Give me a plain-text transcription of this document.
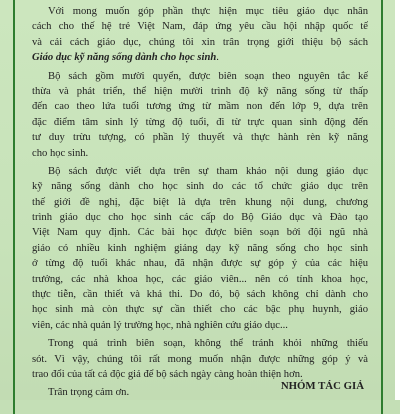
Với mong muốn góp phần thực hiện mục tiêu giáo dục nhân
cách cho thế hệ trẻ Việt Nam, đáp ứng yêu cầu hội nhập quốc tế
và cải cách giáo dục, chúng tôi xin trân trọng giới thiệu bộ sách
Giáo dục kỹ năng sống dành cho học sinh.
Bộ sách gồm mười quyển, được biên soạn theo nguyên tắc kế
thừa và phát triển, thể hiện mười trình độ kỹ năng sống từ thấp
đến cao theo lứa tuổi tương ứng từ mầm non đến lớp 9, dựa trên
đặc điểm tâm sinh lý từng độ tuổi, đi từ trực quan sinh động đến
tư duy trừu tượng, có phần lý thuyết và thực hành rèn kỹ năng
cho học sinh.
Bộ sách được viết dựa trên sự tham khảo nội dung giáo dục
kỹ năng sống dành cho học sinh do các tổ chức giáo dục trên
thế giới đề nghị, đặc biệt là dựa trên khung nội dung, chương
trình giáo dục cho học sinh các cấp do Bộ Giáo dục và Đào tạo
Việt Nam quy định. Các bài học được biên soạn bởi đội ngũ nhà
giáo có nhiều kinh nghiệm giảng dạy kỹ năng sống cho học sinh
ở từng độ tuổi khác nhau, đã nhận được sự góp ý của các hiệu
trưởng, các nhà khoa học, các giáo viên... nên có tính khoa học,
thực tiễn, cần thiết và khả thi. Do đó, bộ sách không chỉ dành cho
học sinh mà còn thực sự cần thiết cho các bậc phụ huynh, giáo
viên, các nhà quản lý trường học, nhà nghiên cứu giáo dục...
Trong quá trình biên soạn, không thể tránh khỏi những thiếu
sót. Vì vậy, chúng tôi rất mong muốn nhận được những góp ý và
trao đổi của tất cả độc giả để bộ sách ngày càng hoàn thiện hơn.
Trân trọng cảm ơn.
NHÓM TÁC GIẢ
